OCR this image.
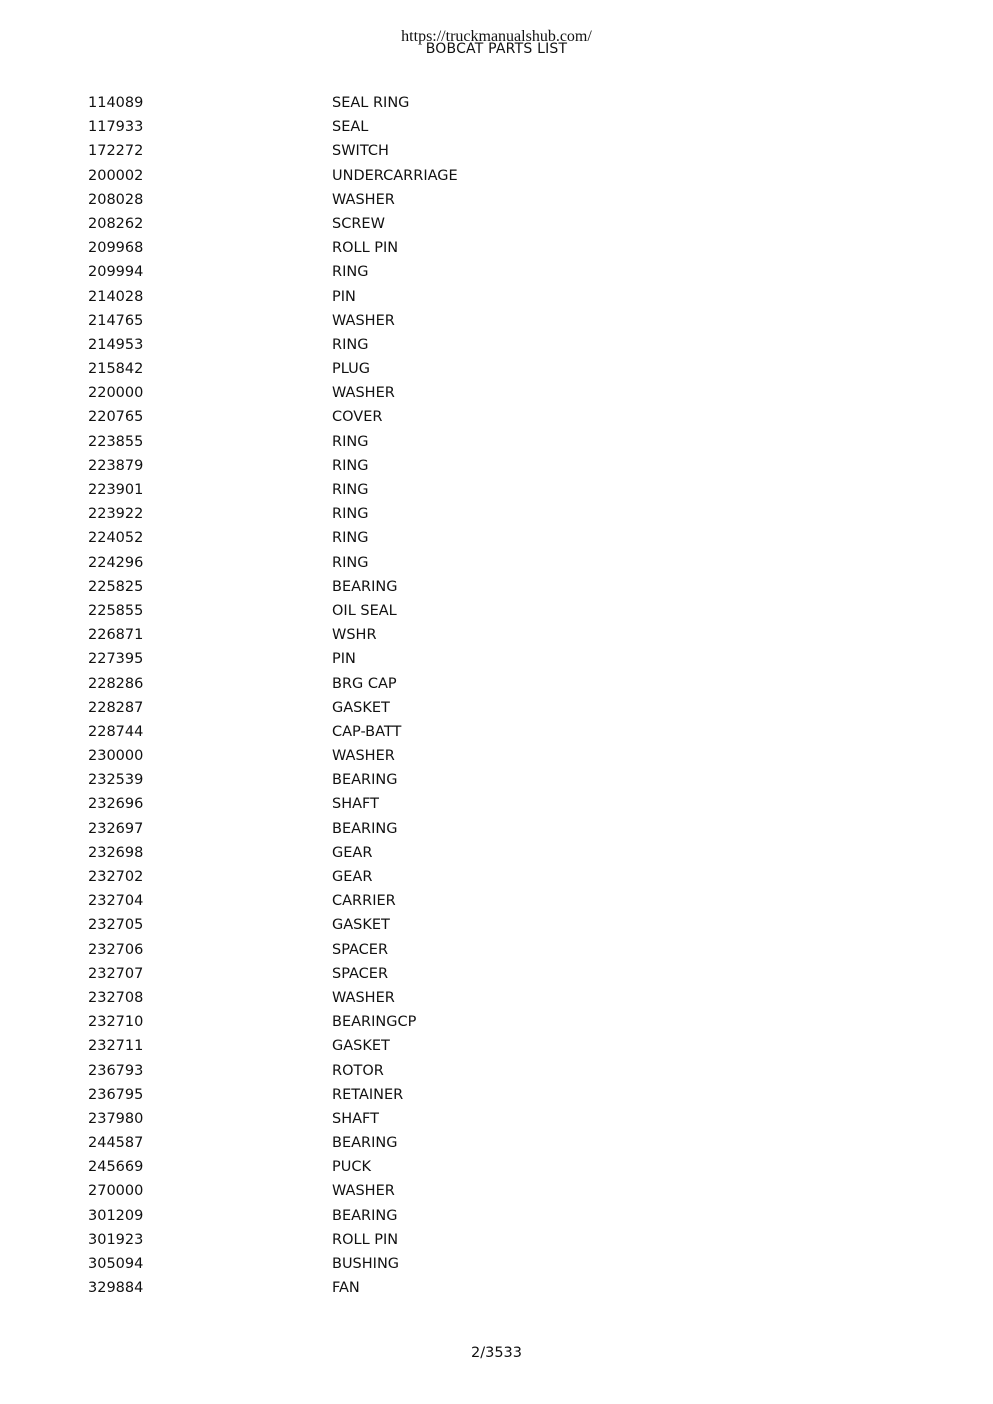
https://truckmanualshub.com/
BOBCAT PARTS LIST
114089	SEAL RING
117933	SEAL
172272	SWITCH
200002	UNDERCARRIAGE
208028	WASHER
208262	SCREW
209968	ROLL PIN
209994	RING
214028	PIN
214765	WASHER
214953	RING
215842	PLUG
220000	WASHER
220765	COVER
223855	RING
223879	RING
223901	RING
223922	RING
224052	RING
224296	RING
225825	BEARING
225855	OIL SEAL
226871	WSHR
227395	PIN
228286	BRG CAP
228287	GASKET
228744	CAP-BATT
230000	WASHER
232539	BEARING
232696	SHAFT
232697	BEARING
232698	GEAR
232702	GEAR
232704	CARRIER
232705	GASKET
232706	SPACER
232707	SPACER
232708	WASHER
232710	BEARINGCP
232711	GASKET
236793	ROTOR
236795	RETAINER
237980	SHAFT
244587	BEARING
245669	PUCK
270000	WASHER
301209	BEARING
301923	ROLL PIN
305094	BUSHING
329884	FAN
2/3533
